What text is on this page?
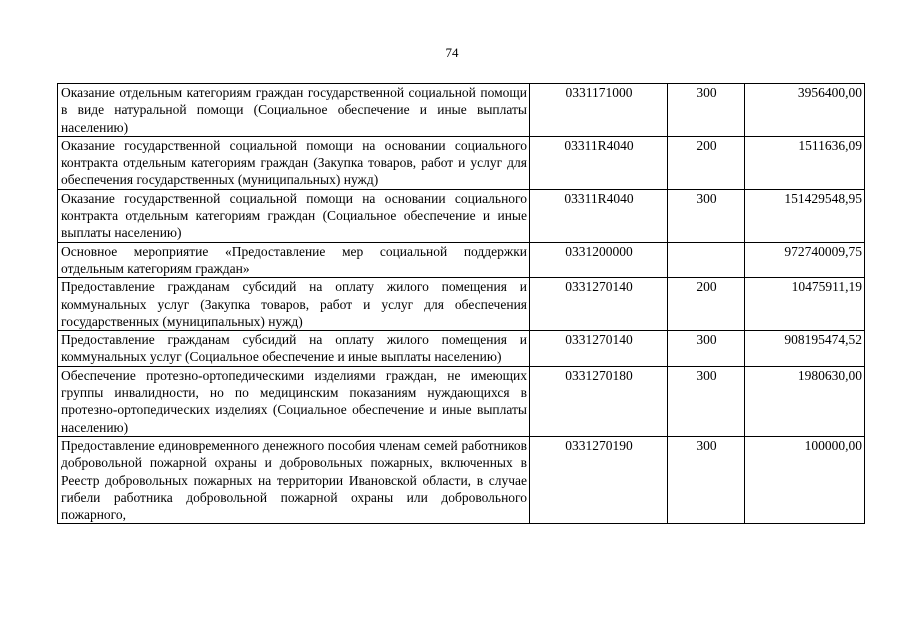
74
Оказание отдельным категориям граждан государственной социальной помощи в виде натуральной помощи (Социальное обеспечение и иные выплаты населению)	0331171000	300	3956400,00
Оказание государственной социальной помощи на основании социального контракта отдельным категориям граждан (Закупка товаров, работ и услуг для обеспечения государственных (муниципальных) нужд)	03311R4040	200	1511636,09
Оказание государственной социальной помощи на основании социального контракта отдельным категориям граждан (Социальное обеспечение и иные выплаты населению)	03311R4040	300	151429548,95
Основное мероприятие «Предоставление мер социальной поддержки отдельным категориям граждан»	0331200000		972740009,75
Предоставление гражданам субсидий на оплату жилого помещения и коммунальных услуг (Закупка товаров, работ и услуг для обеспечения государственных (муниципальных) нужд)	0331270140	200	10475911,19
Предоставление гражданам субсидий на оплату жилого помещения и коммунальных услуг (Социальное обеспечение и иные выплаты населению)	0331270140	300	908195474,52
Обеспечение протезно-ортопедическими изделиями граждан, не имеющих группы инвалидности, но по медицинским показаниям нуждающихся в протезно-ортопедических изделиях (Социальное обеспечение и иные выплаты населению)	0331270180	300	1980630,00
Предоставление единовременного денежного пособия членам семей работников добровольной пожарной охраны и добровольных пожарных, включенных в Реестр добровольных пожарных на территории Ивановской области, в случае гибели работника добровольной пожарной охраны или добровольного пожарного,	0331270190	300	100000,00
